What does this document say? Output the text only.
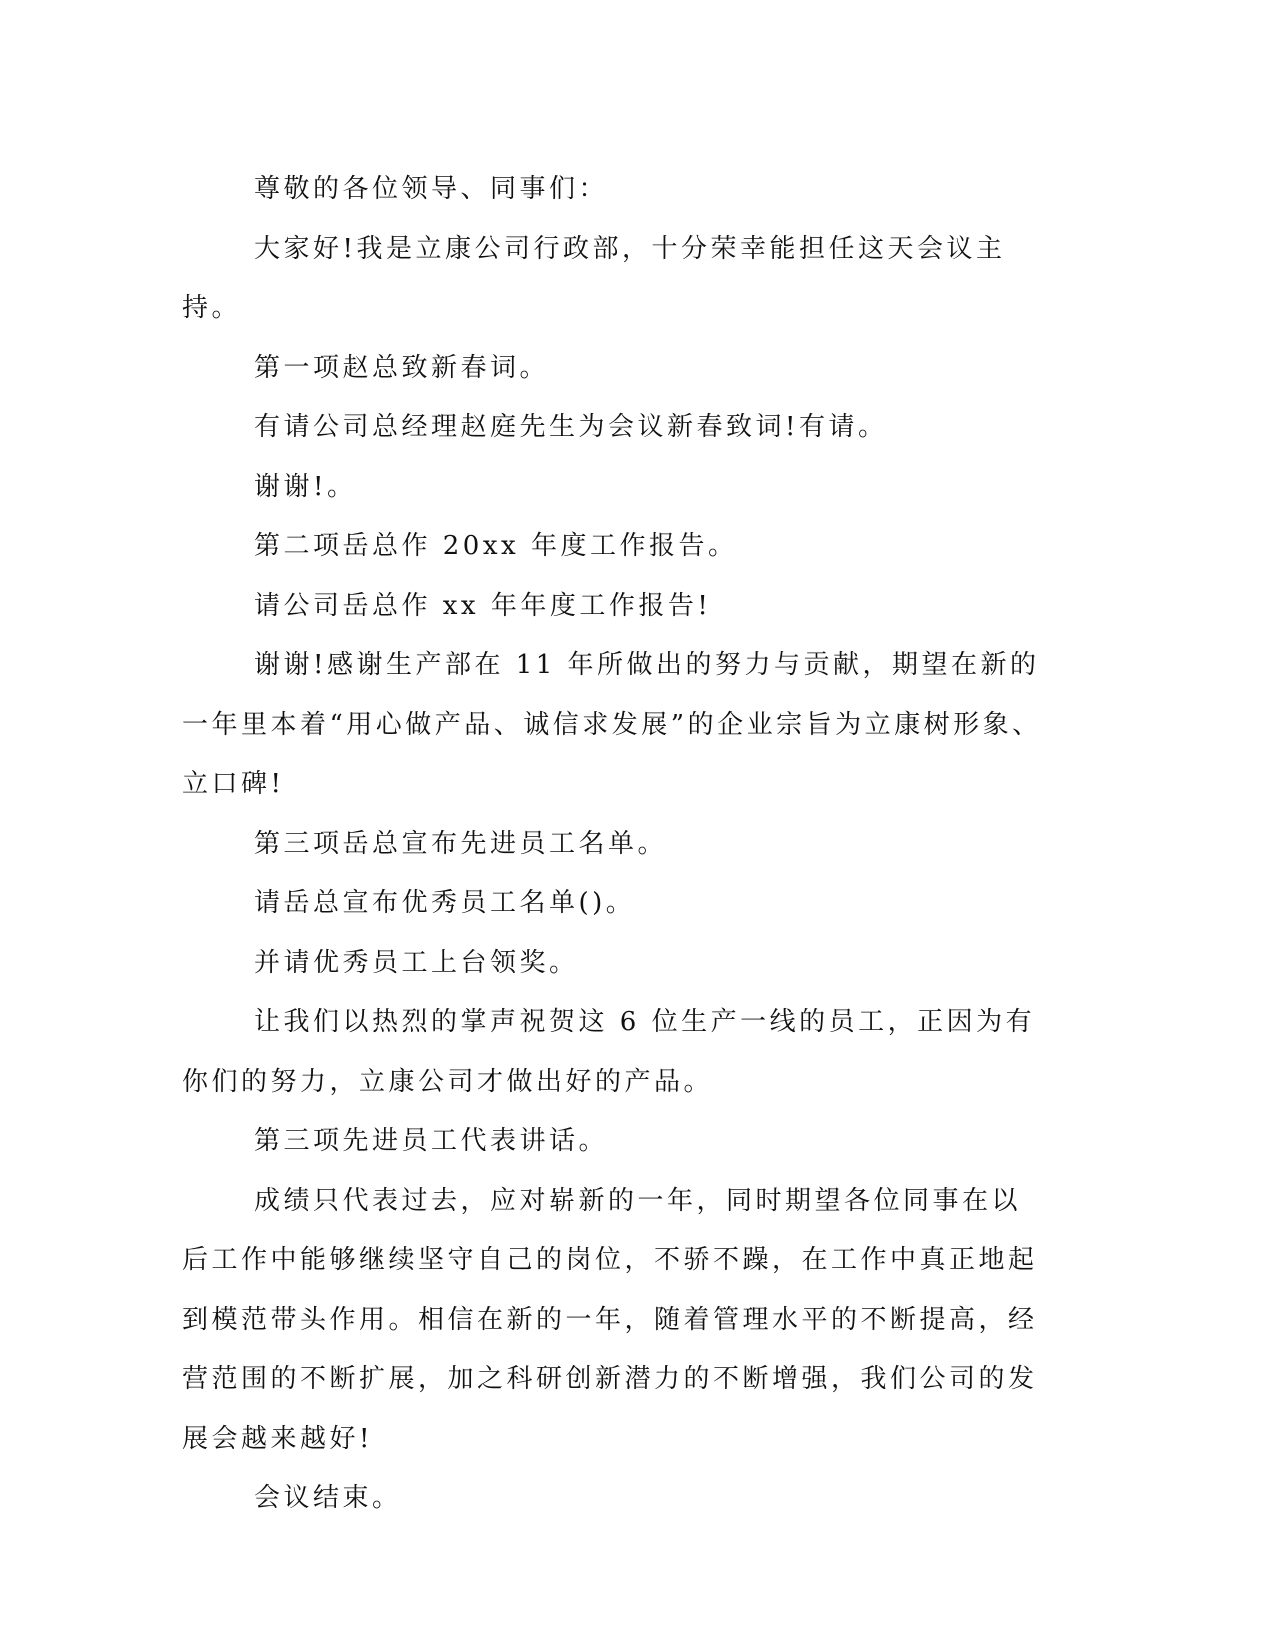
尊敬的各位领导、同事们：

大家好!我是立康公司行政部，十分荣幸能担任这天会议主持。

第一项赵总致新春词。

有请公司总经理赵庭先生为会议新春致词!有请。

谢谢!。

第二项岳总作 20xx 年度工作报告。

请公司岳总作 xx 年年度工作报告!

谢谢!感谢生产部在 11 年所做出的努力与贡献，期望在新的一年里本着“用心做产品、诚信求发展”的企业宗旨为立康树形象、立口碑!

第三项岳总宣布先进员工名单。

请岳总宣布优秀员工名单()。

并请优秀员工上台领奖。

让我们以热烈的掌声祝贺这 6 位生产一线的员工，正因为有你们的努力，立康公司才做出好的产品。

第三项先进员工代表讲话。

成绩只代表过去，应对崭新的一年，同时期望各位同事在以后工作中能够继续坚守自己的岗位，不骄不躁，在工作中真正地起到模范带头作用。相信在新的一年，随着管理水平的不断提高，经营范围的不断扩展，加之科研创新潜力的不断增强，我们公司的发展会越来越好!

会议结束。
